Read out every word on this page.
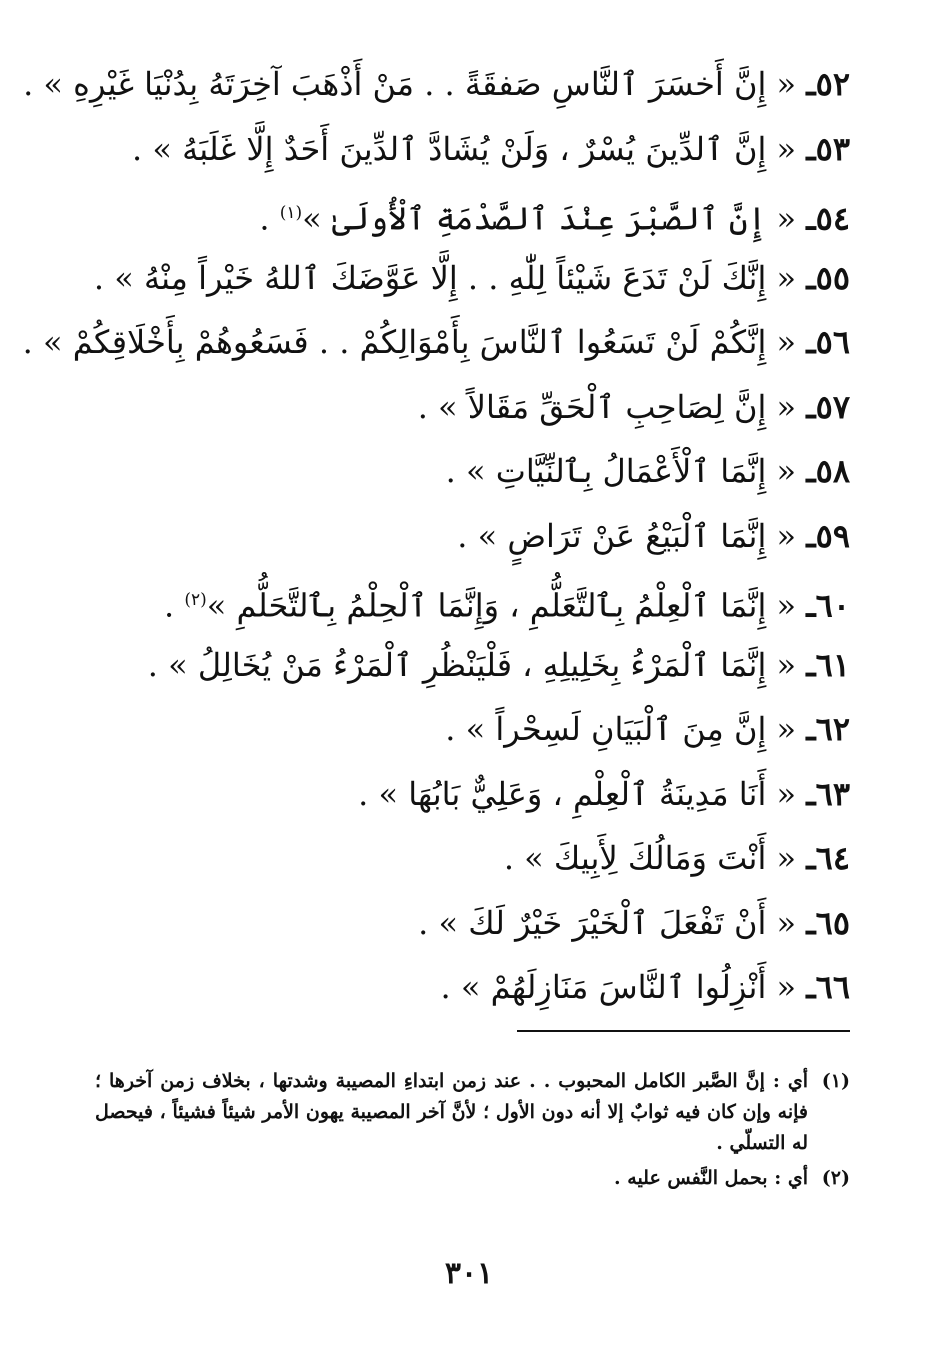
٥٢ـ « إِنَّ أَخسَرَ ٱلنَّاسِ صَفقَةً . . مَنْ أَذْهَبَ آخِرَتَهُ بِدُنْيَا غَيْرِهِ » .
٥٣ـ « إِنَّ ٱلدِّينَ يُسْرٌ ، وَلَنْ يُشَادَّ ٱلدِّينَ أَحَدٌ إِلَّا غَلَبَهُ » .
٥٤ـ « إِنَّ ٱلصَّبْرَ عِنْدَ ٱلصَّدْمَةِ ٱلْأُولَىٰ »$^{(١)}$ .
٥٥ـ « إِنَّكَ لَنْ تَدَعَ شَيْئاً لِلّٰهِ . . إِلَّا عَوَّضَكَ ٱللهُ خَيْراً مِنْهُ » .
٥٦ـ « إِنَّكُمْ لَنْ تَسَعُوا ٱلنَّاسَ بِأَمْوَالِكُمْ . . فَسَعُوهُمْ بِأَخْلَاقِكُمْ » .
٥٧ـ « إِنَّ لِصَاحِبِ ٱلْحَقِّ مَقَالاً » .
٥٨ـ « إِنَّمَا ٱلْأَعْمَالُ بِٱلنِّيَّاتِ » .
٥٩ـ « إِنَّمَا ٱلْبَيْعُ عَنْ تَرَاضٍ » .
٦٠ـ « إِنَّمَا ٱلْعِلْمُ بِٱلتَّعَلُّمِ ، وَإِنَّمَا ٱلْحِلْمُ بِٱلتَّحَلُّمِ »$^{(٢)}$ .
٦١ـ « إِنَّمَا ٱلْمَرْءُ بِخَلِيلِهِ ، فَلْيَنْظُرِ ٱلْمَرْءُ مَنْ يُخَالِلُ » .
٦٢ـ « إِنَّ مِنَ ٱلْبَيَانِ لَسِحْراً » .
٦٣ـ « أَنَا مَدِينَةُ ٱلْعِلْمِ ، وَعَلِيٌّ بَابُهَا » .
٦٤ـ « أَنْتَ وَمَالُكَ لِأَبِيكَ » .
٦٥ـ « أَنْ تَفْعَلَ ٱلْخَيْرَ خَيْرٌ لَكَ » .
٦٦ـ « أَنْزِلُوا ٱلنَّاسَ مَنَازِلَهُمْ » .
(١)
أي : إنَّ الصَّبر الكامل المحبوب . . عند زمن ابتداءِ المصيبة وشدتها ، بخلاف زمن آخرها ؛ فإنه وإن كان فيه ثوابٌ إلا أنه دون الأول ؛ لأنَّ آخر المصيبة يهون الأمر شيئاً فشيئاً ، فيحصل له التسلّي .
(٢)
أي : بحمل النَّفس عليه .
٣٠١
